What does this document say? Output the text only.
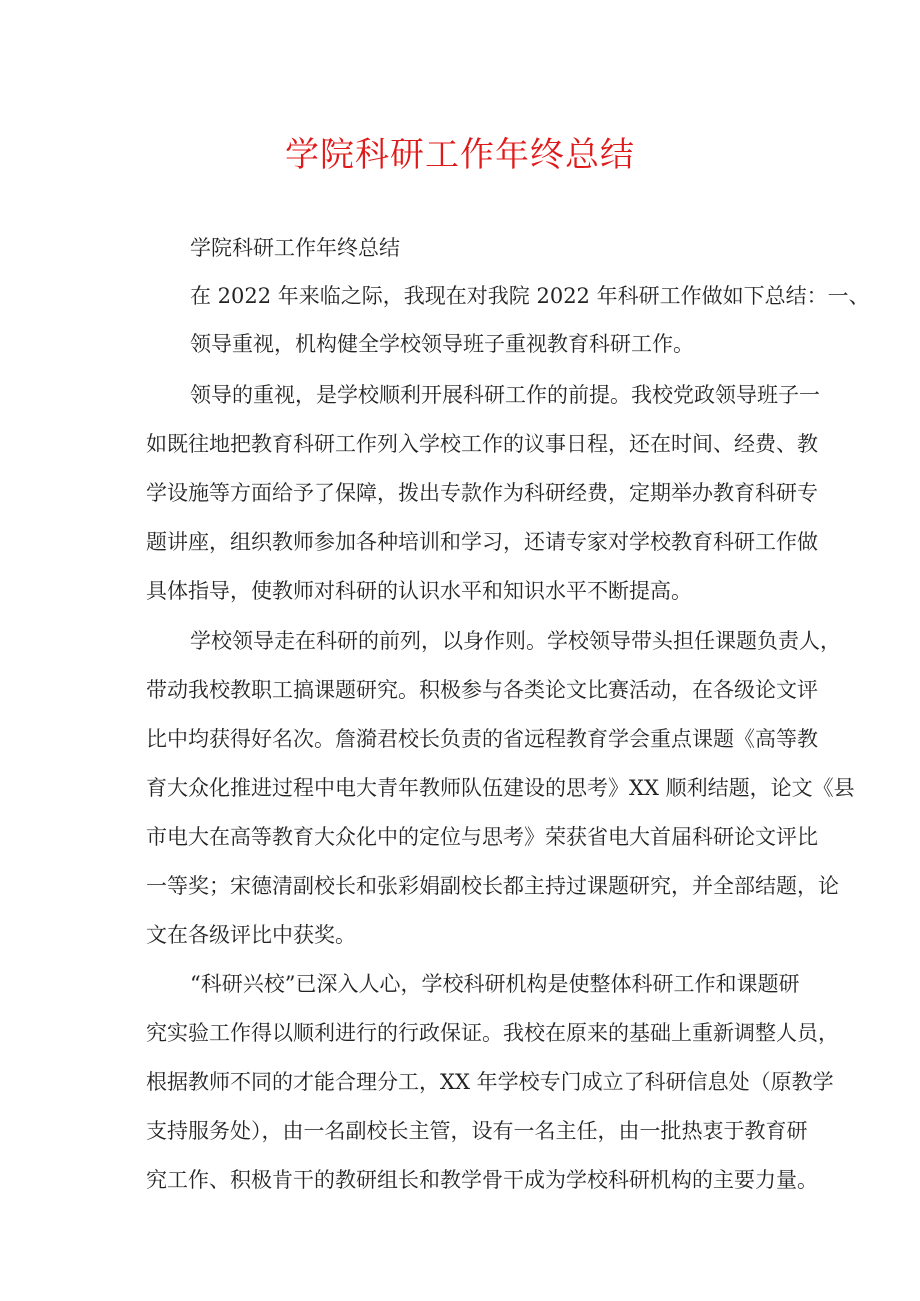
学院科研工作年终总结
学院科研工作年终总结
在 2022 年来临之际，我现在对我院 2022 年科研工作做如下总结：一、
领导重视，机构健全学校领导班子重视教育科研工作。
领导的重视，是学校顺利开展科研工作的前提。我校党政领导班子一
如既往地把教育科研工作列入学校工作的议事日程，还在时间、经费、教
学设施等方面给予了保障，拨出专款作为科研经费，定期举办教育科研专
题讲座，组织教师参加各种培训和学习，还请专家对学校教育科研工作做
具体指导，使教师对科研的认识水平和知识水平不断提高。
学校领导走在科研的前列，以身作则。学校领导带头担任课题负责人，
带动我校教职工搞课题研究。积极参与各类论文比赛活动，在各级论文评
比中均获得好名次。詹漪君校长负责的省远程教育学会重点课题《高等教
育大众化推进过程中电大青年教师队伍建设的思考》XX 顺利结题，论文《县
市电大在高等教育大众化中的定位与思考》荣获省电大首届科研论文评比
一等奖；宋德清副校长和张彩娟副校长都主持过课题研究，并全部结题，论
文在各级评比中获奖。
“科研兴校”已深入人心，学校科研机构是使整体科研工作和课题研
究实验工作得以顺利进行的行政保证。我校在原来的基础上重新调整人员，
根据教师不同的才能合理分工，XX 年学校专门成立了科研信息处（原教学
支持服务处），由一名副校长主管，设有一名主任，由一批热衷于教育研
究工作、积极肯干的教研组长和教学骨干成为学校科研机构的主要力量。
